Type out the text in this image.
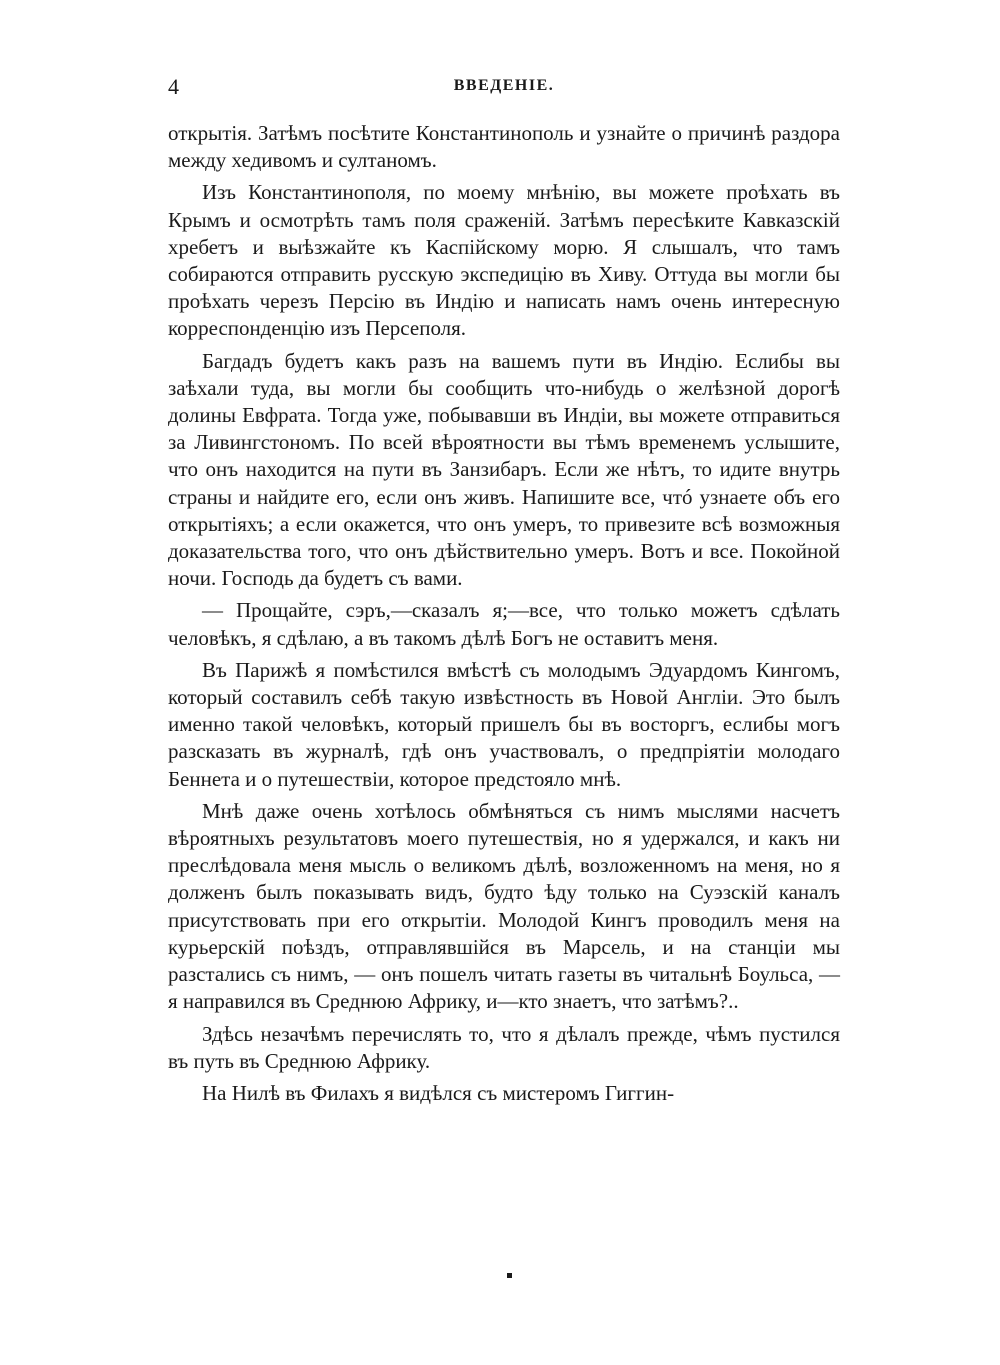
4	ВВЕДЕНІЕ.

открытія. Затѣмъ посѣтите Константинополь и узнайте о причинѣ раздора между хедивомъ и султаномъ.

Изъ Константинополя, по моему мнѣнію, вы можете проѣхать въ Крымъ и осмотрѣть тамъ поля сраженій. Затѣмъ пересѣките Кавказскій хребетъ и выѣзжайте къ Каспійскому морю. Я слышалъ, что тамъ собираются отправить русскую экспедицію въ Хиву. Оттуда вы могли бы проѣхать черезъ Персію въ Индію и написать намъ очень интересную корреспонденцію изъ Персеполя.

Багдадъ будетъ какъ разъ на вашемъ пути въ Индію. Еслибы вы заѣхали туда, вы могли бы сообщить что-нибудь о желѣзной дорогѣ долины Евфрата. Тогда уже, побывавши въ Индіи, вы можете отправиться за Ливингстономъ. По всей вѣроятности вы тѣмъ временемъ услышите, что онъ находится на пути въ Занзибаръ. Если же нѣтъ, то идите внутрь страны и найдите его, если онъ живъ. Напишите все, чтó узнаете объ его открытіяхъ; а если окажется, что онъ умеръ, то привезите всѣ возможныя доказательства того, что онъ дѣйствительно умеръ. Вотъ и все. Покойной ночи. Господь да будетъ съ вами.

— Прощайте, сэръ,—сказалъ я;—все, что только можетъ сдѣлать человѣкъ, я сдѣлаю, а въ такомъ дѣлѣ Богъ не оставитъ меня.

Въ Парижѣ я помѣстился вмѣстѣ съ молодымъ Эдуардомъ Кингомъ, который составилъ себѣ такую извѣстность въ Новой Англіи. Это былъ именно такой человѣкъ, который пришелъ бы въ восторгъ, еслибы могъ разсказать въ журналѣ, гдѣ онъ участвовалъ, о предпріятіи молодаго Беннета и о путешествіи, которое предстояло мнѣ.

Мнѣ даже очень хотѣлось обмѣняться съ нимъ мыслями насчетъ вѣроятныхъ результатовъ моего путешествія, но я удержался, и какъ ни преслѣдовала меня мысль о великомъ дѣлѣ, возложенномъ на меня, но я долженъ былъ показывать видъ, будто ѣду только на Суэзскій каналъ присутствовать при его открытіи. Молодой Кингъ проводилъ меня на курьерскій поѣздъ, отправлявшійся въ Марсель, и на станціи мы разстались съ нимъ, — онъ пошелъ читать газеты въ читальнѣ Боульса, — я направился въ Среднюю Африку, и—кто знаетъ, что затѣмъ?..

Здѣсь незачѣмъ перечислять то, что я дѣлалъ прежде, чѣмъ пустился въ путь въ Среднюю Африку.

На Нилѣ въ Филахъ я видѣлся съ мистеромъ Гиггин-
